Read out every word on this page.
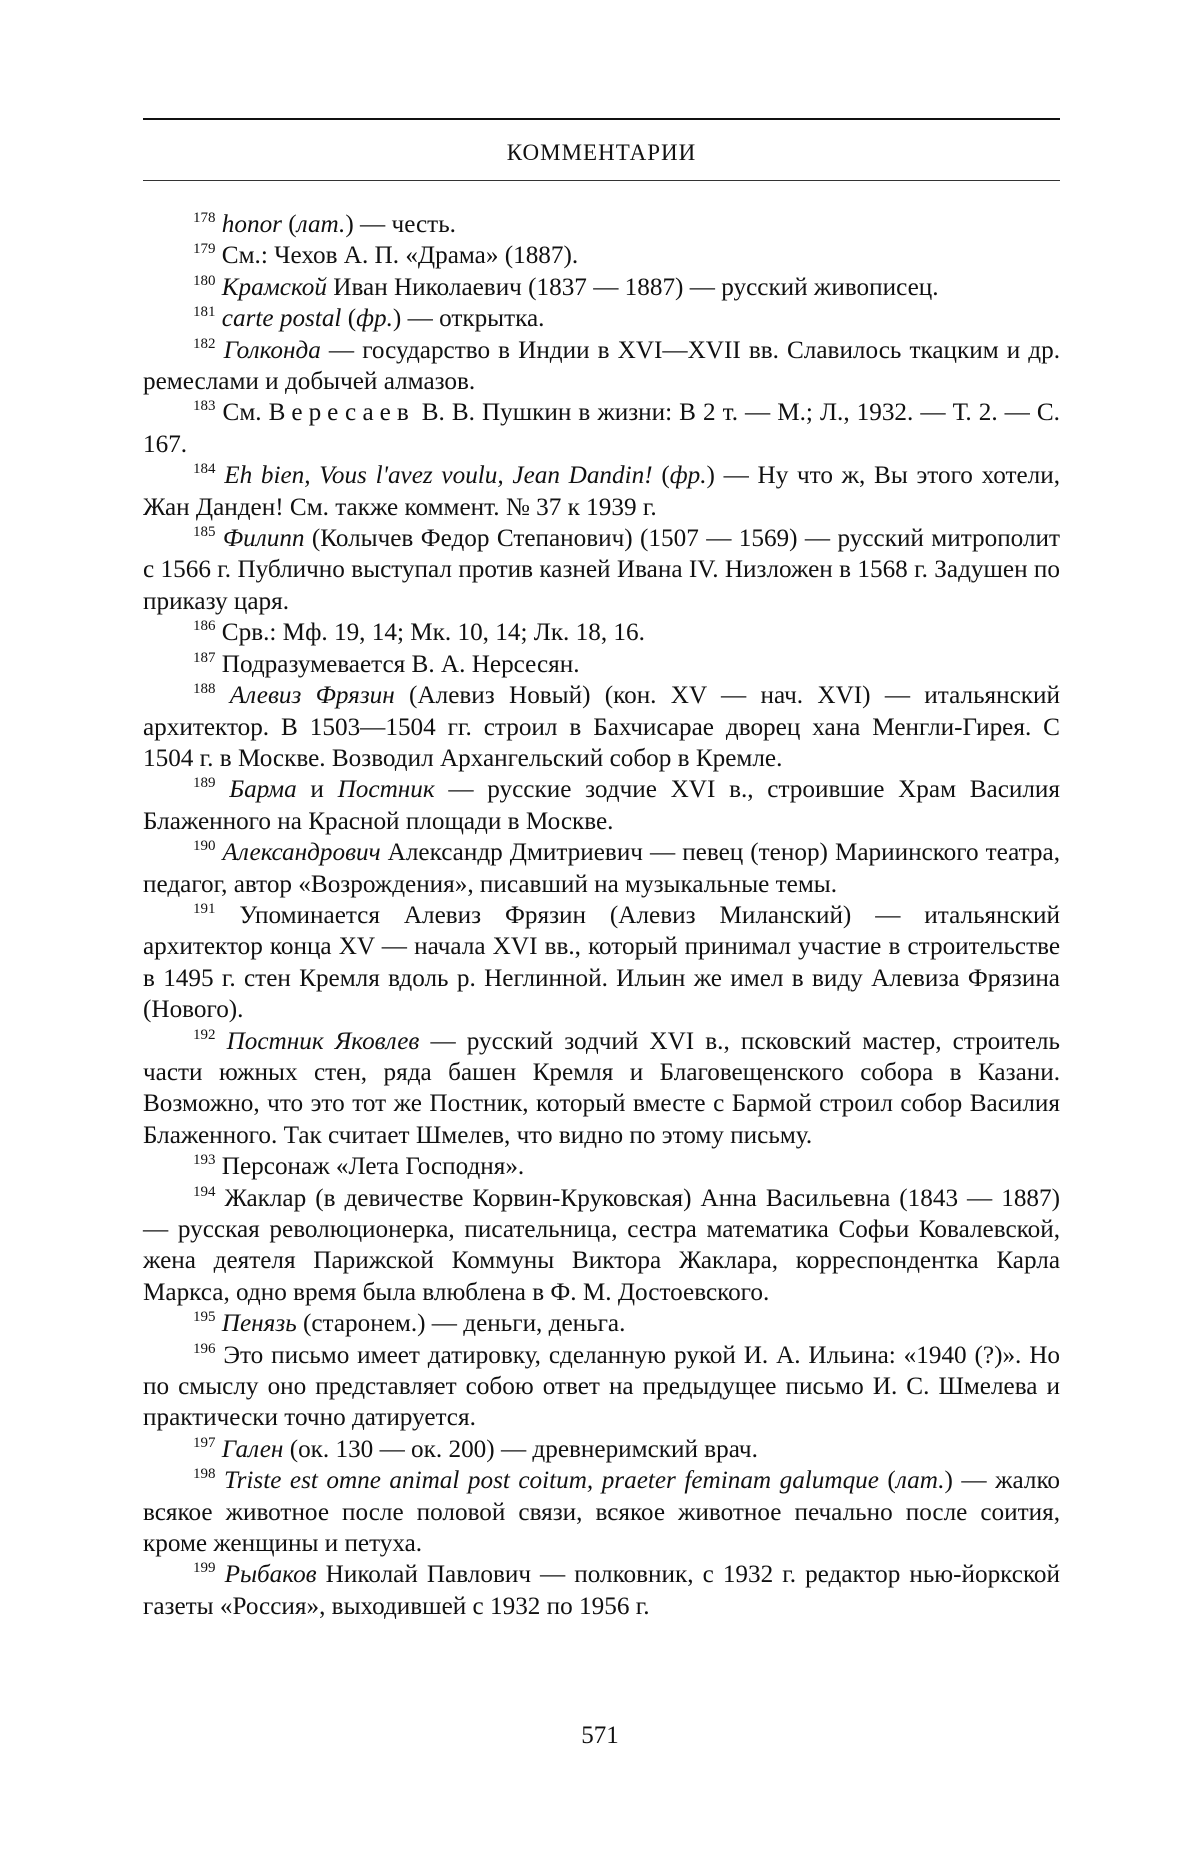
КОММЕНТАРИИ

$^{178}$ honor (лат.) — честь.

$^{179}$ См.: Чехов А. П. «Драма» (1887).

$^{180}$ Крамской Иван Николаевич (1837 — 1887) — русский живописец.

$^{181}$ carte postal (фр.) — открытка.

$^{182}$ Голконда — государство в Индии в XVI—XVII вв. Славилось ткацким и др. ремеслами и добычей алмазов.

$^{183}$ См. Вересаев В. В. Пушкин в жизни: В 2 т. — М.; Л., 1932. — Т. 2. — С. 167.

$^{184}$ Eh bien, Vous l'avez voulu, Jean Dandin! (фр.) — Ну что ж, Вы этого хотели, Жан Данден! См. также коммент. № 37 к 1939 г.

$^{185}$ Филипп (Колычев Федор Степанович) (1507 — 1569) — русский митрополит с 1566 г. Публично выступал против казней Ивана IV. Низложен в 1568 г. Задушен по приказу царя.

$^{186}$ Срв.: Мф. 19, 14; Мк. 10, 14; Лк. 18, 16.

$^{187}$ Подразумевается В. А. Нерсесян.

$^{188}$ Алевиз Фрязин (Алевиз Новый) (кон. XV — нач. XVI) — итальянский архитектор. В 1503—1504 гг. строил в Бахчисарае дворец хана Менгли-Гирея. С 1504 г. в Москве. Возводил Архангельский собор в Кремле.

$^{189}$ Барма и Постник — русские зодчие XVI в., строившие Храм Василия Блаженного на Красной площади в Москве.

$^{190}$ Александрович Александр Дмитриевич — певец (тенор) Мариинского театра, педагог, автор «Возрождения», писавший на музыкальные темы.

$^{191}$ Упоминается Алевиз Фрязин (Алевиз Миланский) — итальянский архитектор конца XV — начала XVI вв., который принимал участие в строительстве в 1495 г. стен Кремля вдоль р. Неглинной. Ильин же имел в виду Алевиза Фрязина (Нового).

$^{192}$ Постник Яковлев — русский зодчий XVI в., псковский мастер, строитель части южных стен, ряда башен Кремля и Благовещенского собора в Казани. Возможно, что это тот же Постник, который вместе с Бармой строил собор Василия Блаженного. Так считает Шмелев, что видно по этому письму.

$^{193}$ Персонаж «Лета Господня».

$^{194}$ Жаклар (в девичестве Корвин-Круковская) Анна Васильевна (1843 — 1887) — русская революционерка, писательница, сестра математика Софьи Ковалевской, жена деятеля Парижской Коммуны Виктора Жаклара, корреспондентка Карла Маркса, одно время была влюблена в Ф. М. Достоевского.

$^{195}$ Пенязь (старонем.) — деньги, деньга.

$^{196}$ Это письмо имеет датировку, сделанную рукой И. А. Ильина: «1940 (?)». Но по смыслу оно представляет собою ответ на предыдущее письмо И. С. Шмелева и практически точно датируется.

$^{197}$ Гален (ок. 130 — ок. 200) — древнеримский врач.

$^{198}$ Triste est omne animal post coitum, praeter feminam galumque (лат.) — жалко всякое животное после половой связи, всякое животное печально после соития, кроме женщины и петуха.

$^{199}$ Рыбаков Николай Павлович — полковник, с 1932 г. редактор нью-йоркской газеты «Россия», выходившей с 1932 по 1956 г.

571
